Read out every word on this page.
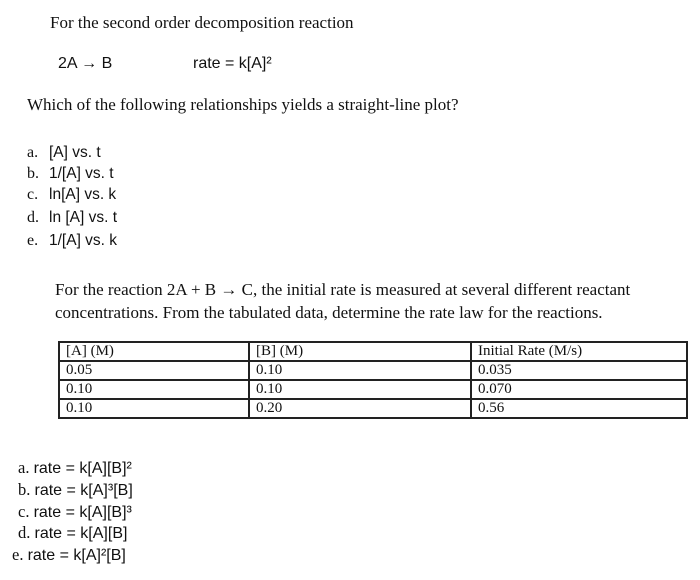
For the second order decomposition reaction
2A → B	rate = k[A]²
Which of the following relationships yields a straight-line plot?
a. [A] vs. t
b. 1/[A] vs. t
c. ln[A] vs. k
d. ln [A] vs. t
e. 1/[A] vs. k
For the reaction 2A + B → C, the initial rate is measured at several different reactant
concentrations. From the tabulated data, determine the rate law for the reactions.
[A] (M)	[B] (M)	Initial Rate (M/s)
0.05	0.10	0.035
0.10	0.10	0.070
0.10	0.20	0.56
a. rate = k[A][B]²
b. rate = k[A]³[B]
c. rate = k[A][B]³
d. rate = k[A][B]
e. rate = k[A]²[B]
